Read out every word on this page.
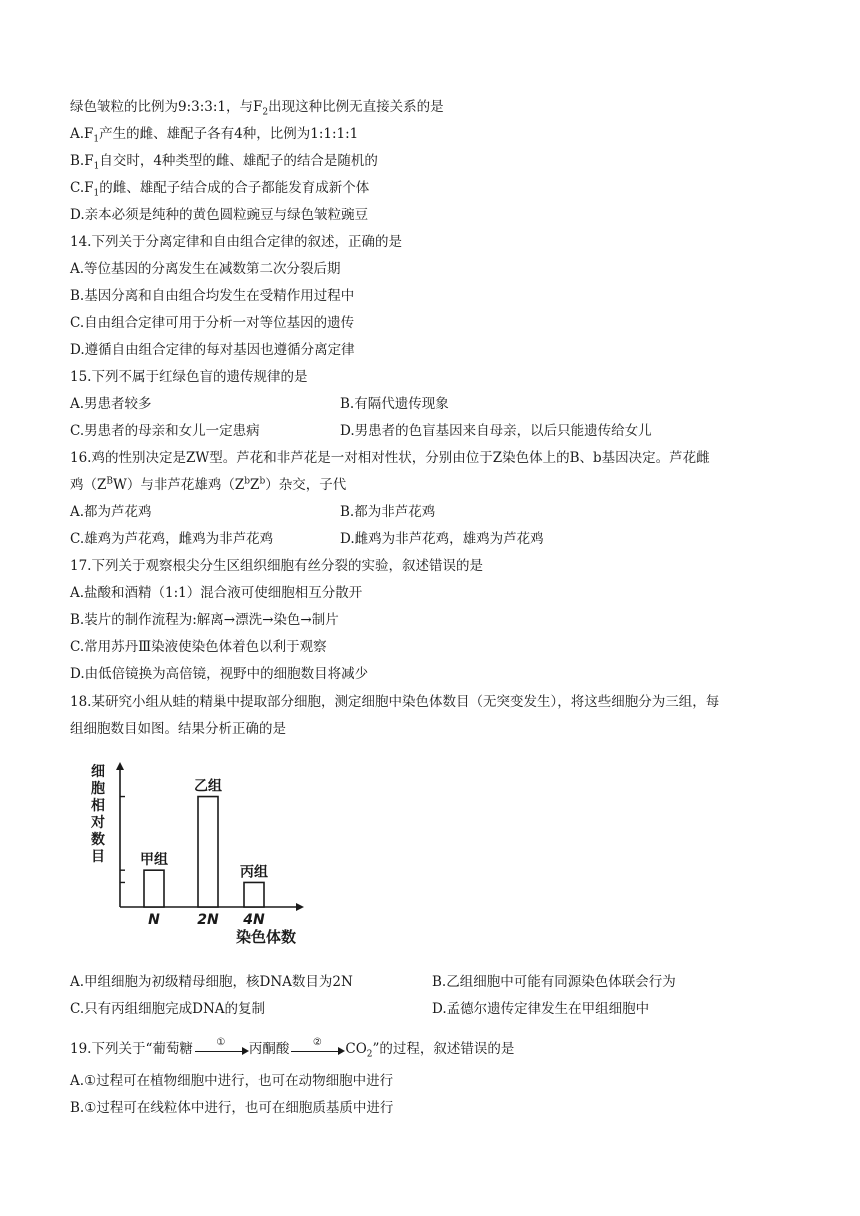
绿色皱粒的比例为9:3:3:1，与$F_2$出现这种比例无直接关系的是
$A.F_1$产生的雌、雄配子各有4种，比例为1:1:1:1
$B.F_1$自交时，4种类型的雌、雄配子的结合是随机的
$C.F_1$的雌、雄配子结合成的合子都能发育成新个体
D.亲本必须是纯种的黄色圆粒豌豆与绿色皱粒豌豆
14.下列关于分离定律和自由组合定律的叙述，正确的是
A.等位基因的分离发生在减数第二次分裂后期
B.基因分离和自由组合均发生在受精作用过程中
C.自由组合定律可用于分析一对等位基因的遗传
D.遵循自由组合定律的每对基因也遵循分离定律
15.下列不属于红绿色盲的遗传规律的是
A.男患者较多	B.有隔代遗传现象
C.男患者的母亲和女儿一定患病	D.男患者的色盲基因来自母亲，以后只能遗传给女儿
16.鸡的性别决定是ZW型。芦花和非芦花是一对相对性状，分别由位于Z染色体上的B、b基因决定。芦花雌
鸡$(Z^BW)$与非芦花雄鸡$(Z^bZ^b)$杂交，子代
A.都为芦花鸡	B.都为非芦花鸡
C.雄鸡为芦花鸡，雌鸡为非芦花鸡	D.雌鸡为非芦花鸡，雄鸡为芦花鸡
17.下列关于观察根尖分生区组织细胞有丝分裂的实验，叙述错误的是
A.盐酸和酒精（1:1）混合液可使细胞相互分散开
B.装片的制作流程为:解离→漂洗→染色→制片
C.常用苏丹Ⅲ染液使染色体着色以利于观察
D.由低倍镜换为高倍镜，视野中的细胞数目将减少
18.某研究小组从蛙的精巢中提取部分细胞，测定细胞中染色体数目（无突变发生），将这些细胞分为三组，每
组细胞数目如图。结果分析正确的是
细
胞
相
对
数
目
染色体数
N	2N 4N
甲组
乙组
丙组
A.甲组细胞为初级精母细胞，核DNA数目为2N	B.乙组细胞中可能有同源染色体联会行为
C.只有丙组细胞完成DNA的复制	D.孟德尔遗传定律发生在甲组细胞中
19.下列关于“葡萄糖	①	丙酮酸	②	$CO_2$”的过程，叙述错误的是
A.①过程可在植物细胞中进行，也可在动物细胞中进行
B.①过程可在线粒体中进行，也可在细胞质基质中进行
